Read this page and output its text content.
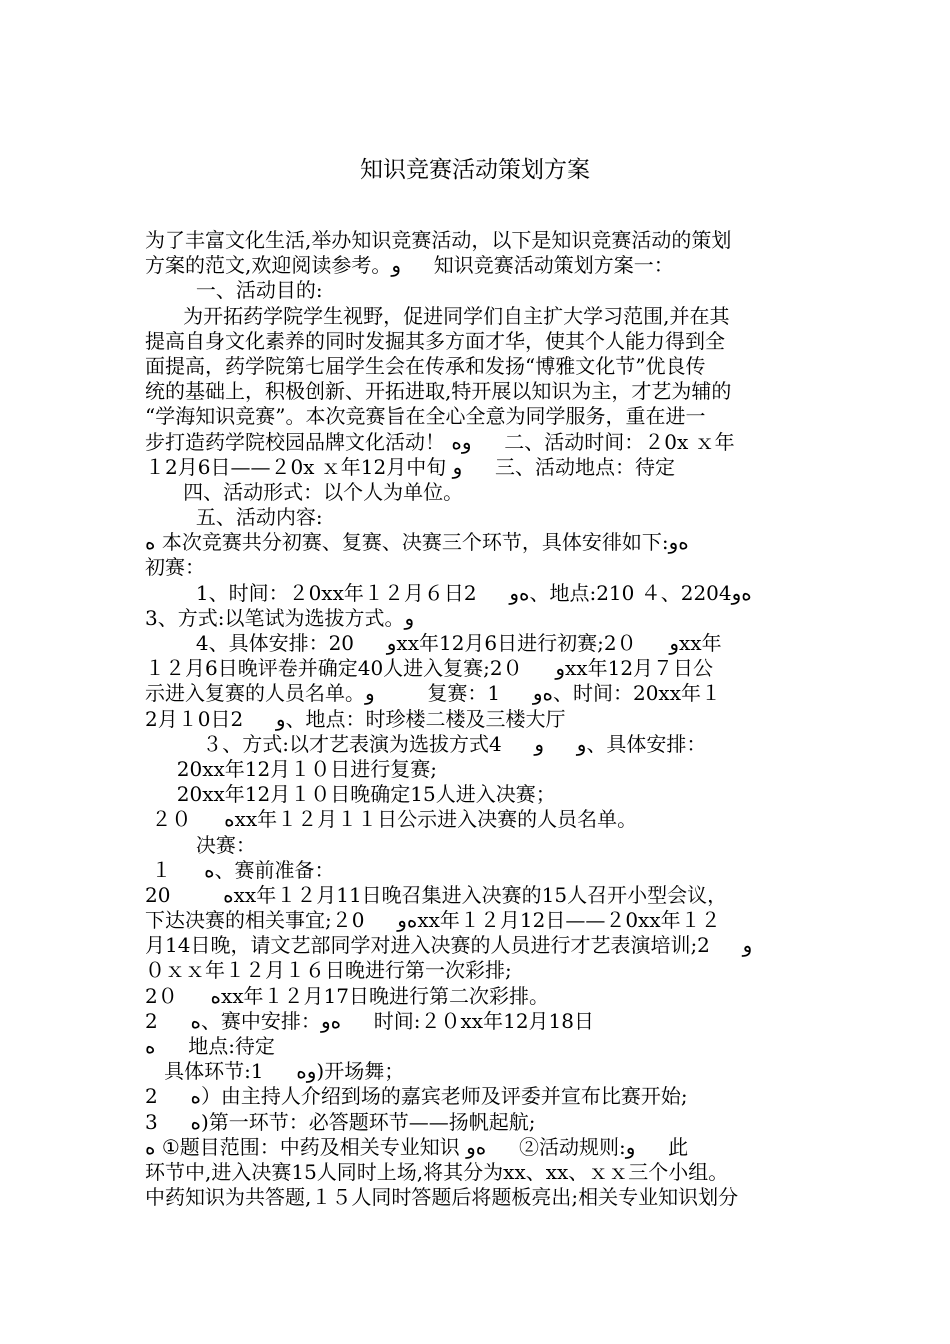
知识竞赛活动策划方案
为了丰富文化生活,举办知识竞赛活动，以下是知识竞赛活动的策划
方案的范文,欢迎阅读参考。و 　 知识竞赛活动策划方案一：
一、活动目的:
为开拓药学院学生视野，促进同学们自主扩大学习范围,并在其
提高自身文化素养的同时发掘其多方面才华，使其个人能力得到全
面提高，药学院第七届学生会在传承和发扬“博雅文化节”优良传
统的基础上，积极创新、开拓进取,特开展以知识为主，才艺为辅的
“学海知识竞赛”。本次竞赛旨在全心全意为同学服务，重在进一
步打造药学院校园品牌文化活动！ وﻩ 　 二、活动时间：２0x ｘ年
１2月6日——２0x ｘ年12月中旬 ﻭ 　 三、活动地点：待定
四、活动形式：以个人为单位。
五、活动内容:
ﻩ 本次竞赛共分初赛、复赛、决赛三个环节，具体安徘如下:ﻩو
初赛：
1、时间：２0xx年１２月６日2 　 ﻩو、地点:210 ４、2204ﻩو
3、方式:以笔试为选拔方式。ﻭ
4、具体安排：20 　 ﻭxx年12月6日进行初赛;2０ 　 ﻭxx年
１２月6日晚评卷并确定40人进入复赛;2０ 　 ﻭxx年12月７日公
示进入复赛的人员名单。ﻭ 　　 复赛：1 　 ﻩو、时间：20xx年１
2月１0日2 　 ﻭ、地点：时珍楼二楼及三楼大厅
３、方式:以才艺表演为选拔方式4 　 ﻭ 　 ﻭ、具体安排：
20xx年12月１０日进行复赛;
20xx年12月１０日晚确定15人进入决赛；
２０ 　 ﻩxx年１２月１１日公示进入决赛的人员名单。
决赛：
１ 　 ﻩ、赛前准备：
20 　　 ﻩxx年１２月11日晚召集进入决赛的15人召开小型会议，
下达决赛的相关事宜;２0 　 ﻩﻭxx年１２月12日——２0xx年１２
月14日晚，请文艺部同学对进入决赛的人员进行才艺表演培训;2 　 ﻭ
０ｘｘ年１２月１６日晚进行第一次彩排;
2０ 　 ﻩxx年１２月17日晚进行第二次彩排。
2 　 ﻩ、赛中安排：ﻩو 　 时间:２０xx年12月18日
ﻩ 　 地点:待定
具体环节:1 　 ﻭﻩ)开场舞；
2 　 ﻩ）由主持人介绍到场的嘉宾老师及评委并宣布比赛开始;
3 　 ﻩ)第一环节：必答题环节——扬帆起航;
ﻩ ①题目范围：中药及相关专业知识 ﻩو 　 ②活动规则:ﻭ 　 此
环节中,进入决赛15人同时上场,将其分为xx、xx、ｘｘ三个小组。
中药知识为共答题,１５人同时答题后将题板亮出;相关专业知识划分
